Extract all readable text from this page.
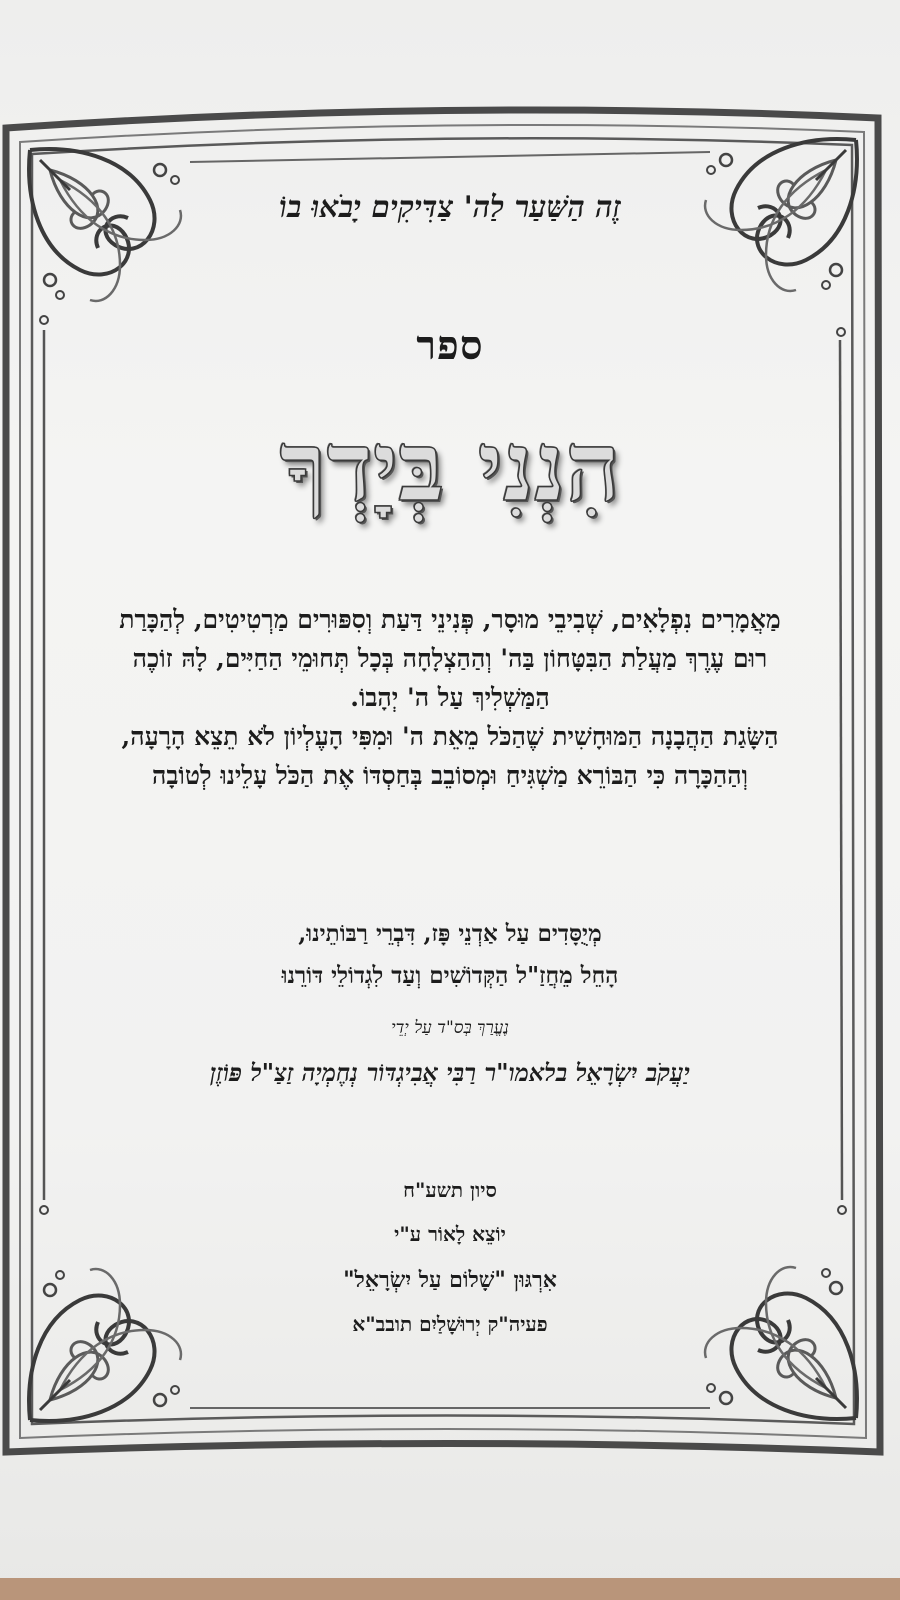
זֶה הַשַּׁעַר לַה' צַדִּיקִים יָבֹאוּ בוֹ
ספר
הִנְנִי בְּיָדְךָ
מַאֲמָרִים נִפְלָאִים, שְׁבִיבֵי מוּסָר, פְּנִינֵי דַּעַת וְסִפּוּרִים מַרְטִיטִים, לְהַכָּרַת רוּם עֶרֶךְ מַעֲלַת הַבִּטָּחוֹן בַּה' וְהַהַצְלָחָה בְּכָל תְּחוּמֵי הַחַיִּים, לָהּ זוֹכֶה הַמַּשְׁלִיךְ עַל ה' יְהָבוֹ.
הַשָּׂגַת הַהֲבָנָה הַמּוּחָשִׁית שֶׁהַכֹּל מֵאֵת ה' וּמִפִּי הָעֶלְיוֹן לֹא תֵצֵא הָרָעָה, וְהַהַכָּרָה כִּי הַבּוֹרֵא מַשְׁגִּיחַ וּמְסוֹבֵב בְּחַסְדּוֹ אֶת הַכֹּל עָלֵינוּ לְטוֹבָה
מְיֻסָּדִים עַל אַדְנֵי פָּז, דִּבְרֵי רַבּוֹתֵינוּ,
הָחֵל מֵחֲזַ"ל הַקְּדוֹשִׁים וְעַד לִגְדוֹלֵי דּוֹרֵנוּ
נֶעֱרַךְ בְּס"ד עַל יְדֵי
יַעֲקֹב יִשְׂרָאֵל בלאמו"ר רַבִּי אֲבִיגְדּוֹר נְחֶמְיָה זַצַ"ל פּוֹזֶן
סיון תשע"ח
יוֹצֵא לָאוֹר ע"י
אִרְגּוּן "שָׁלוֹם עַל יִשְׂרָאֵל"
פעיה"ק יְרוּשָׁלַיִם תובב"א
